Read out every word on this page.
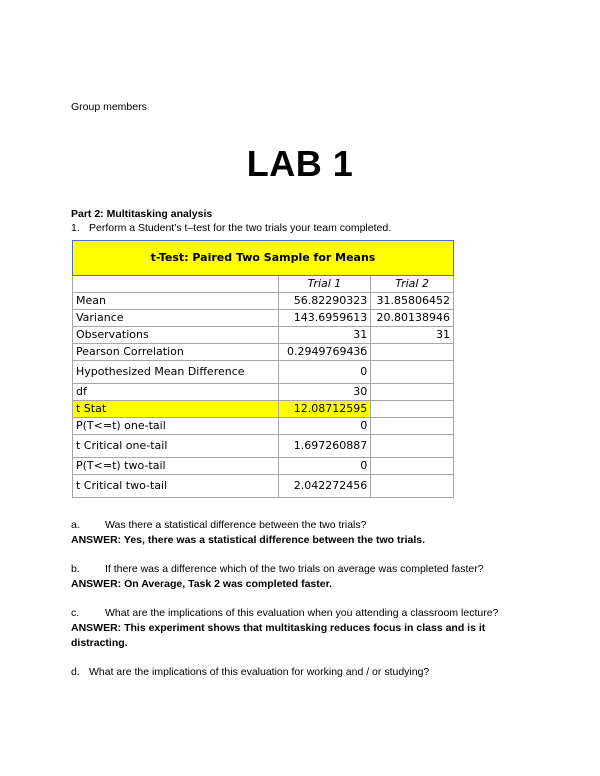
Group members
LAB 1
Part 2: Multitasking analysis
1. Perform a Student’s t–test for the two trials your team completed.
t-Test: Paired Two Sample for Means		
	Trial 1	Trial 2
Mean	56.82290323	31.85806452
Variance	143.6959613	20.80138946
Observations	31	31
Pearson Correlation	0.294976943б	
Hypothesized Mean Difference	0	
df	30	
t Stat	12.08712595	
P(T<=t) one-tail	0	
t Critical one-tail	1.697260887	
P(T<=t) two-tail	0	
t Critical two-tail	2.042272456	
a. Was there a statistical difference between the two trials?
ANSWER: Yes, there was a statistical difference between the two trials.
b. If there was a difference which of the two trials on average was completed faster?
ANSWER: On Average, Task 2 was completed faster.
c. What are the implications of this evaluation when you attending a classroom lecture?
ANSWER: This experiment shows that multitasking reduces focus in class and is it distracting.
d. What are the implications of this evaluation for working and / or studying?
